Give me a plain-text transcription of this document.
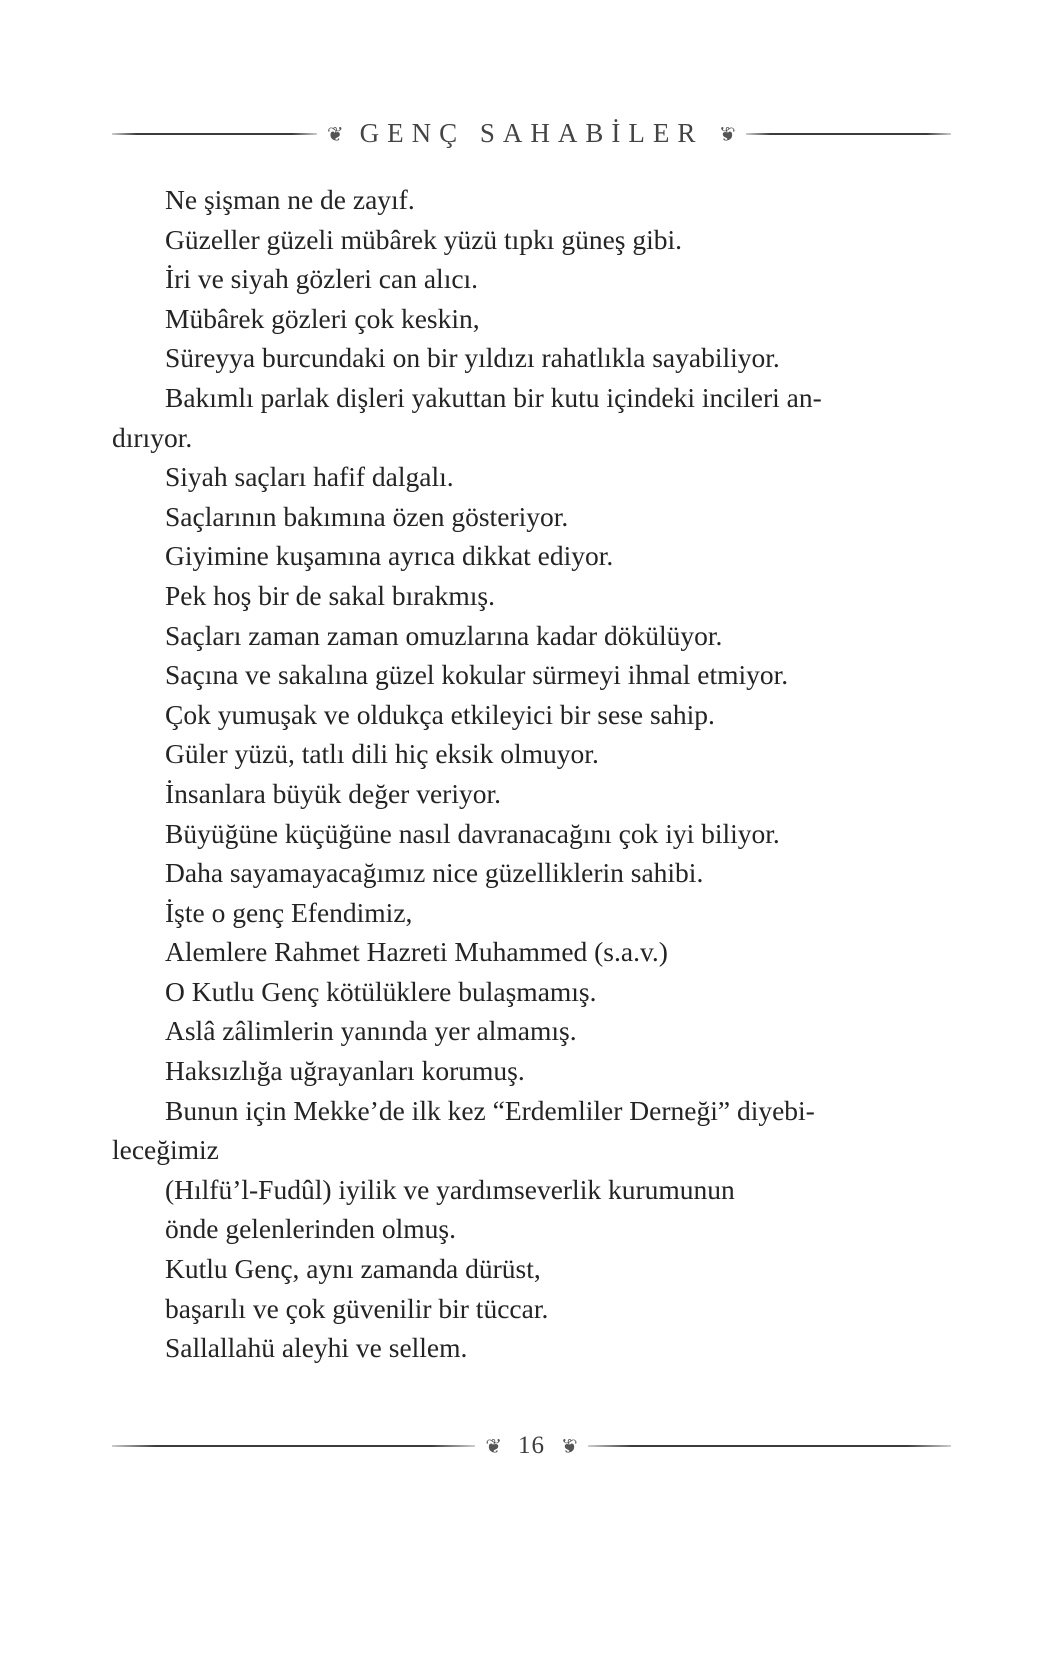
❦ GENÇ SAHABİLER ❦
Ne şişman ne de zayıf.
Güzeller güzeli mübârek yüzü tıpkı güneş gibi.
İri ve siyah gözleri can alıcı.
Mübârek gözleri çok keskin,
Süreyya burcundaki on bir yıldızı rahatlıkla sayabiliyor.
Bakımlı parlak dişleri yakuttan bir kutu içindeki incileri an-
dırıyor.
Siyah saçları hafif dalgalı.
Saçlarının bakımına özen gösteriyor.
Giyimine kuşamına ayrıca dikkat ediyor.
Pek hoş bir de sakal bırakmış.
Saçları zaman zaman omuzlarına kadar dökülüyor.
Saçına ve sakalına güzel kokular sürmeyi ihmal etmiyor.
Çok yumuşak ve oldukça etkileyici bir sese sahip.
Güler yüzü, tatlı dili hiç eksik olmuyor.
İnsanlara büyük değer veriyor.
Büyüğüne küçüğüne nasıl davranacağını çok iyi biliyor.
Daha sayamayacağımız nice güzelliklerin sahibi.
İşte o genç Efendimiz,
Alemlere Rahmet Hazreti Muhammed (s.a.v.)
O Kutlu Genç kötülüklere bulaşmamış.
Aslâ zâlimlerin yanında yer almamış.
Haksızlığa uğrayanları korumuş.
Bunun için Mekke’de ilk kez “Erdemliler Derneği” diyebi-
leceğimiz
(Hılfü’l-Fudûl) iyilik ve yardımseverlik kurumunun
önde gelenlerinden olmuş.
Kutlu Genç, aynı zamanda dürüst,
başarılı ve çok güvenilir bir tüccar.
Sallallahü aleyhi ve sellem.
❦ 16 ❦
